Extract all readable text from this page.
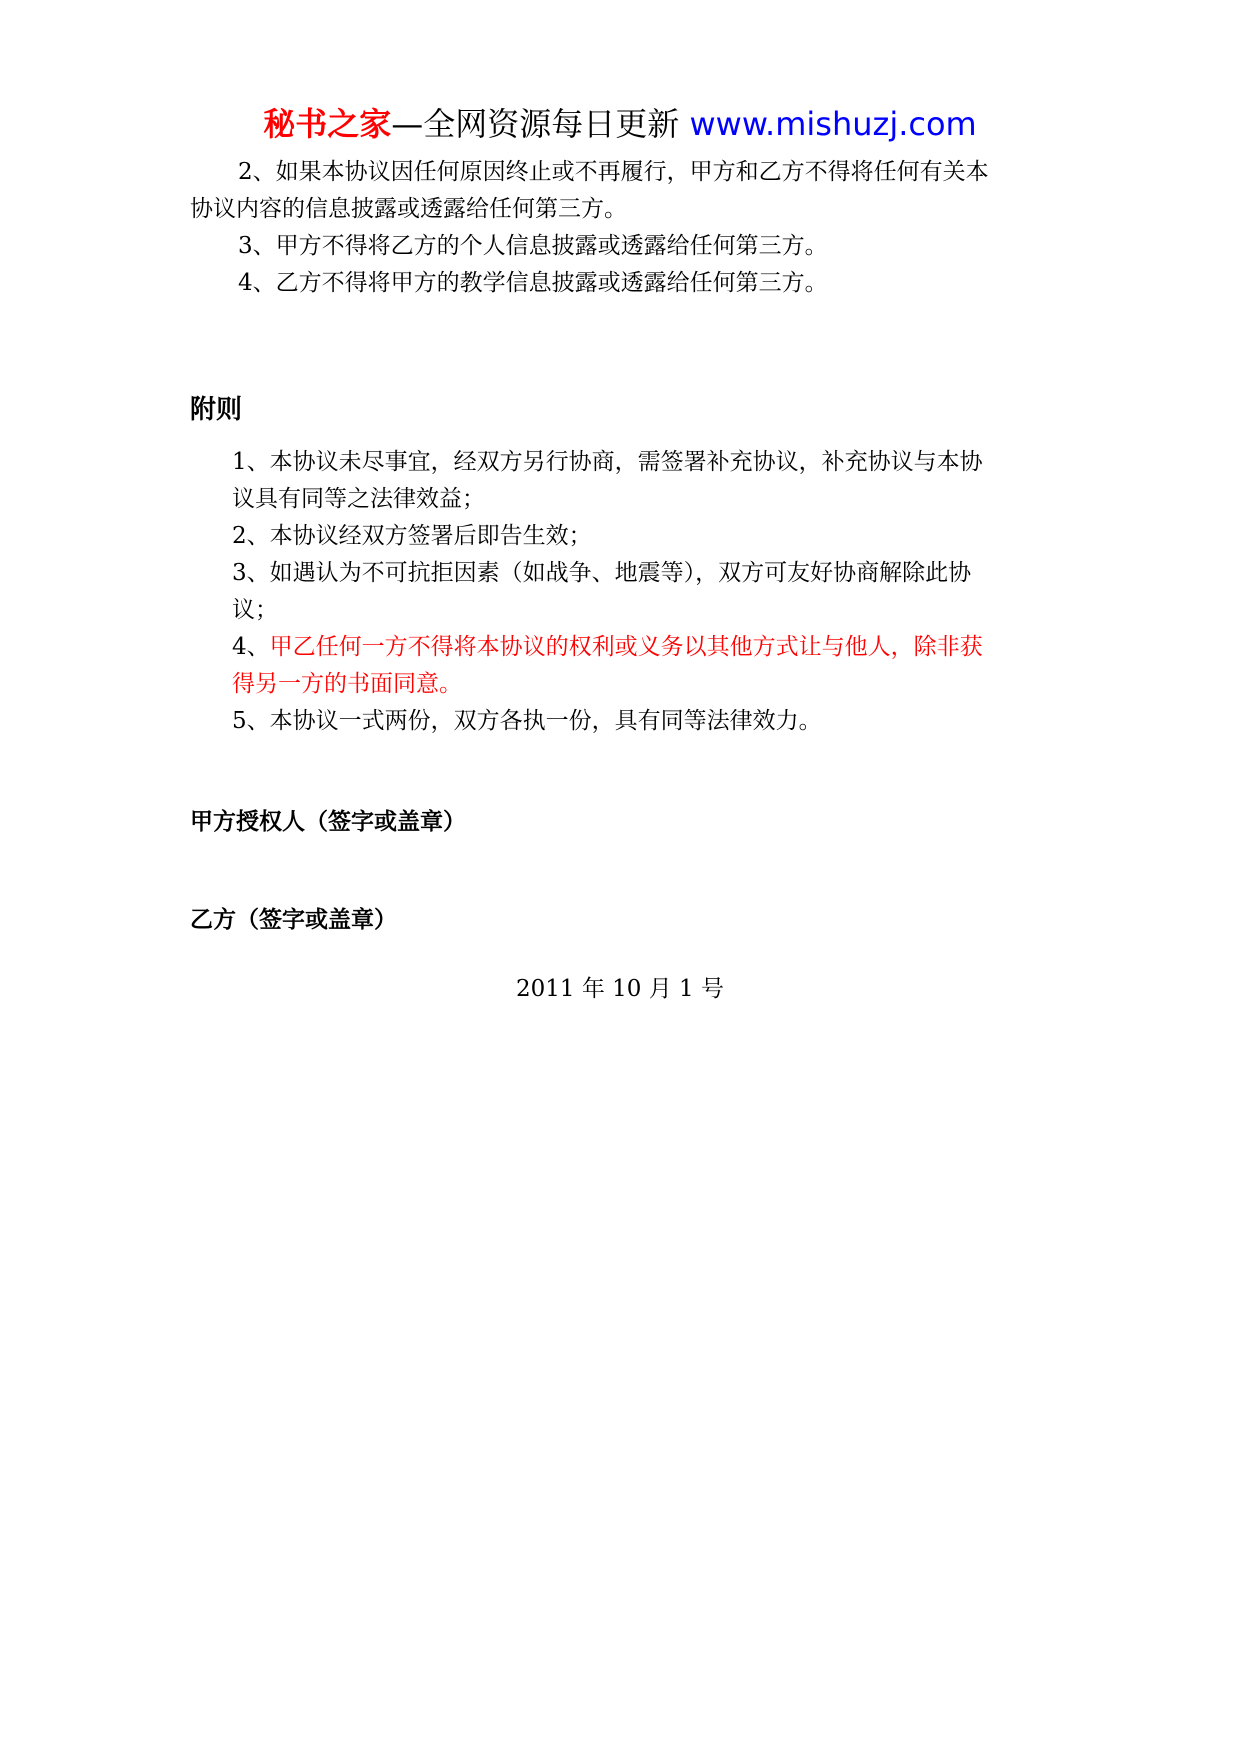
秘书之家—全网资源每日更新 www.mishuzj.com
2、如果本协议因任何原因终止或不再履行，甲方和乙方不得将任何有关本
协议内容的信息披露或透露给任何第三方。
3、甲方不得将乙方的个人信息披露或透露给任何第三方。
4、乙方不得将甲方的教学信息披露或透露给任何第三方。
附则
1、本协议未尽事宜，经双方另行协商，需签署补充协议，补充协议与本协
议具有同等之法律效益；
2、本协议经双方签署后即告生效；
3、如遇认为不可抗拒因素（如战争、地震等），双方可友好协商解除此协
议；
4、甲乙任何一方不得将本协议的权利或义务以其他方式让与他人，除非获
得另一方的书面同意。
5、本协议一式两份，双方各执一份，具有同等法律效力。
甲方授权人（签字或盖章）
乙方（签字或盖章）
2011 年 10 月 1 号
